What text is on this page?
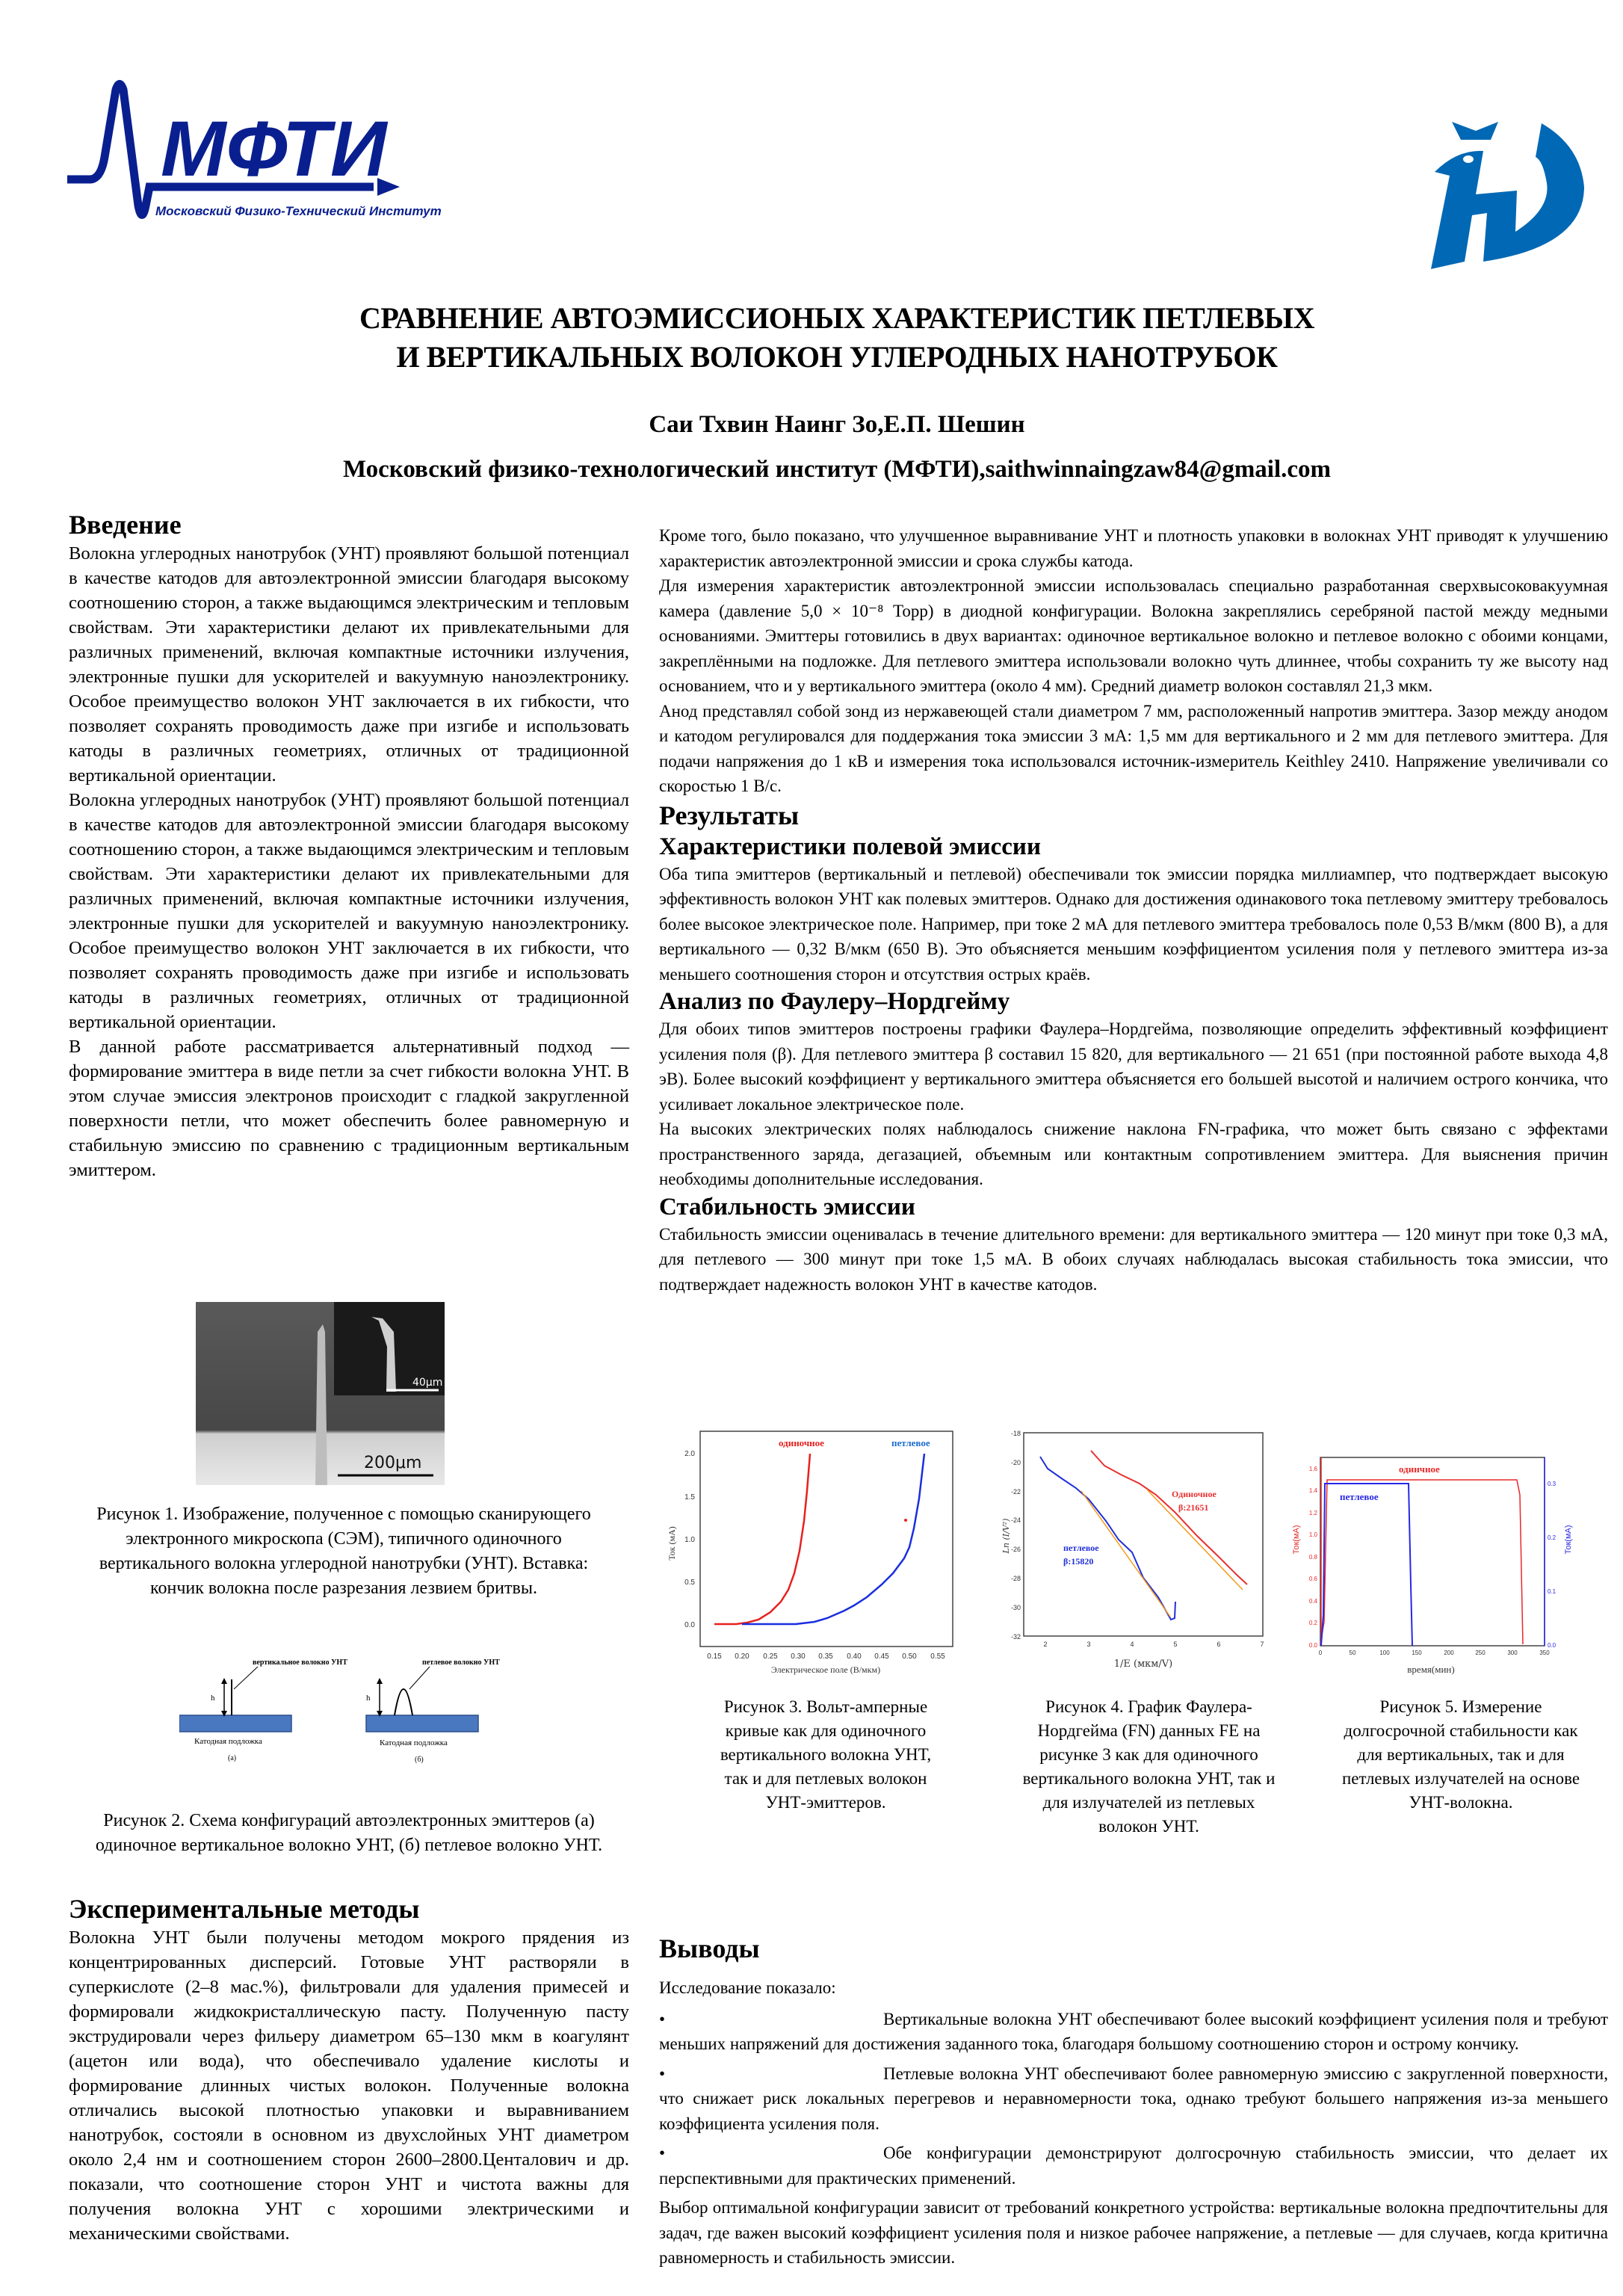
МФТИ
Московский Физико-Технический Институт
СРАВНЕНИЕ АВТОЭМИССИОНЫХ ХАРАКТЕРИСТИК ПЕТЛЕВЫХ
И ВЕРТИКАЛЬНЫХ ВОЛОКОН УГЛЕРОДНЫХ НАНОТРУБОК
Саи Тхвин Наинг Зо,Е.П. Шешин
Московский физико-технологический институт (МФТИ),saithwinnaingzaw84@gmail.com
Введение

Волокна углеродных нанотрубок (УНТ) проявляют большой потенциал в качестве катодов для автоэлектронной эмиссии благодаря высокому соотношению сторон, а также выдающимся электрическим и тепловым свойствам. Эти характеристики делают их привлекательными для различных применений, включая компактные источники излучения, электронные пушки для ускорителей и вакуумную наноэлектронику. Особое преимущество волокон УНТ заключается в их гибкости, что позволяет сохранять проводимость даже при изгибе и использовать катоды в различных геометриях, отличных от традиционной вертикальной ориентации.

Волокна углеродных нанотрубок (УНТ) проявляют большой потенциал в качестве катодов для автоэлектронной эмиссии благодаря высокому соотношению сторон, а также выдающимся электрическим и тепловым свойствам. Эти характеристики делают их привлекательными для различных применений, включая компактные источники излучения, электронные пушки для ускорителей и вакуумную наноэлектронику. Особое преимущество волокон УНТ заключается в их гибкости, что позволяет сохранять проводимость даже при изгибе и использовать катоды в различных геометриях, отличных от традиционной вертикальной ориентации.

В данной работе рассматривается альтернативный подход — формирование эмиттера в виде петли за счет гибкости волокна УНТ. В этом случае эмиссия электронов происходит с гладкой закругленной поверхности петли, что может обеспечить более равномерную и стабильную эмиссию по сравнению с традиционным вертикальным эмиттером.

40μm
200μm
Рисунок 1. Изображение, полученное с помощью сканирующего электронного микроскопа (СЭМ), типичного одиночного вертикального волокна углеродной нанотрубки (УНТ). Вставка: кончик волокна после разрезания лезвием бритвы.
h
вертикальное волокно УНТ
Катодная подложка
(а)
h
петлевое волокно УНТ
Катодная подложка
(б)
Рисунок 2. Схема конфигураций автоэлектронных эмиттеров (а) одиночное вертикальное волокно УНТ, (б) петлевое волокно УНТ.
Экспериментальные методы

Волокна УНТ были получены методом мокрого прядения из концентрированных дисперсий. Готовые УНТ растворяли в суперкислоте (2–8 мас.%), фильтровали для удаления примесей и формировали жидкокристаллическую пасту. Полученную пасту экструдировали через фильеру диаметром 65–130 мкм в коагулянт (ацетон или вода), что обеспечивало удаление кислоты и формирование длинных чистых волокон. Полученные волокна отличались высокой плотностью упаковки и выравниванием нанотрубок, состояли в основном из двухслойных УНТ диаметром около 2,4 нм и соотношением сторон 2600–2800.Центалович и др. показали, что соотношение сторон УНТ и чистота важны для получения волокна УНТ с хорошими электрическими и механическими свойствами.

Кроме того, было показано, что улучшенное выравнивание УНТ и плотность упаковки в волокнах УНТ приводят к улучшению характеристик автоэлектронной эмиссии и срока службы катода.

Для измерения характеристик автоэлектронной эмиссии использовалась специально разработанная сверхвысоковакуумная камера (давление 5,0 × 10⁻⁸ Торр) в диодной конфигурации. Волокна закреплялись серебряной пастой между медными основаниями. Эмиттеры готовились в двух вариантах: одиночное вертикальное волокно и петлевое волокно с обоими концами, закреплёнными на подложке. Для петлевого эмиттера использовали волокно чуть длиннее, чтобы сохранить ту же высоту над основанием, что и у вертикального эмиттера (около 4 мм). Средний диаметр волокон составлял 21,3 мкм.

Анод представлял собой зонд из нержавеющей стали диаметром 7 мм, расположенный напротив эмиттера. Зазор между анодом и катодом регулировался для поддержания тока эмиссии 3 мА: 1,5 мм для вертикального и 2 мм для петлевого эмиттера. Для подачи напряжения до 1 кВ и измерения тока использовался источник-измеритель Keithley 2410. Напряжение увеличивали со скоростью 1 В/с.

Результаты
Характеристики полевой эмиссии

Оба типа эмиттеров (вертикальный и петлевой) обеспечивали ток эмиссии порядка миллиампер, что подтверждает высокую эффективность волокон УНТ как полевых эмиттеров. Однако для достижения одинакового тока петлевому эмиттеру требовалось более высокое электрическое поле. Например, при токе 2 мА для петлевого эмиттера требовалось поле 0,53 В/мкм (800 В), а для вертикального — 0,32 В/мкм (650 В). Это объясняется меньшим коэффициентом усиления поля у петлевого эмиттера из-за меньшего соотношения сторон и отсутствия острых краёв.

Анализ по Фаулеру–Нордгейму

Для обоих типов эмиттеров построены графики Фаулера–Нордгейма, позволяющие определить эффективный коэффициент усиления поля (β). Для петлевого эмиттера β составил 15 820, для вертикального — 21 651 (при постоянной работе выхода 4,8 эВ). Более высокий коэффициент у вертикального эмиттера объясняется его большей высотой и наличием острого кончика, что усиливает локальное электрическое поле.

На высоких электрических полях наблюдалось снижение наклона FN-графика, что может быть связано с эффектами пространственного заряда, дегазацией, объемным или контактным сопротивлением эмиттера. Для выяснения причин необходимы дополнительные исследования.

Стабильность эмиссии

Стабильность эмиссии оценивалась в течение длительного времени: для вертикального эмиттера — 120 минут при токе 0,3 мА, для петлевого — 300 минут при токе 1,5 мА. В обоих случаях наблюдалась высокая стабильность тока эмиссии, что подтверждает надежность волокон УНТ в качестве катодов.

0.0
0.5
1.0
1.5
2.0
0.15 0.20 0.25 0.30 0.35 0.40 0.45 0.50 0.55
Электрическое поле (В/мкм)
Ток (мА)
одиночное	петлевое
-18
-20
-22
-24
-26
-28
-30
-32
2	3	4	5	6	7
1/E (мкм/V)
Ln (I/V²)	петлевое
β:15820
Одиночное
β:21651
0.0
0.2
0.4
0.6
0.8
1.0
1.2
1.4
1.6
0.0
0.1
0.2
0.3
0	50	100	150	200	250	300	350
время(мин)
Ток(мА)	Ток(мА)
одинчное
петлевое
Рисунок 3. Вольт-амперные кривые как для одиночного вертикального волокна УНТ, так и для петлевых волокон УНТ-эмиттеров.
Рисунок 4. График Фаулера-Нордгейма (FN) данных FE на рисунке 3 как для одиночного вертикального волокна УНТ, так и для излучателей из петлевых волокон УНТ.
Рисунок 5. Измерение долгосрочной стабильности как для вертикальных, так и для петлевых излучателей на основе УНТ-волокна.
Выводы

Исследование показало:

•	Вертикальные волокна УНТ обеспечивают более высокий коэффициент усиления поля и требуют меньших напряжений для достижения заданного тока, благодаря большому соотношению сторон и острому кончику.

•	Петлевые волокна УНТ обеспечивают более равномерную эмиссию с закругленной поверхности, что снижает риск локальных перегревов и неравномерности тока, однако требуют большего напряжения из-за меньшего коэффициента усиления поля.

•	Обе конфигурации демонстрируют долгосрочную стабильность эмиссии, что делает их перспективными для практических применений.

Выбор оптимальной конфигурации зависит от требований конкретного устройства: вертикальные волокна предпочтительны для задач, где важен высокий коэффициент усиления поля и низкое рабочее напряжение, а петлевые — для случаев, когда критична равномерность и стабильность эмиссии.
